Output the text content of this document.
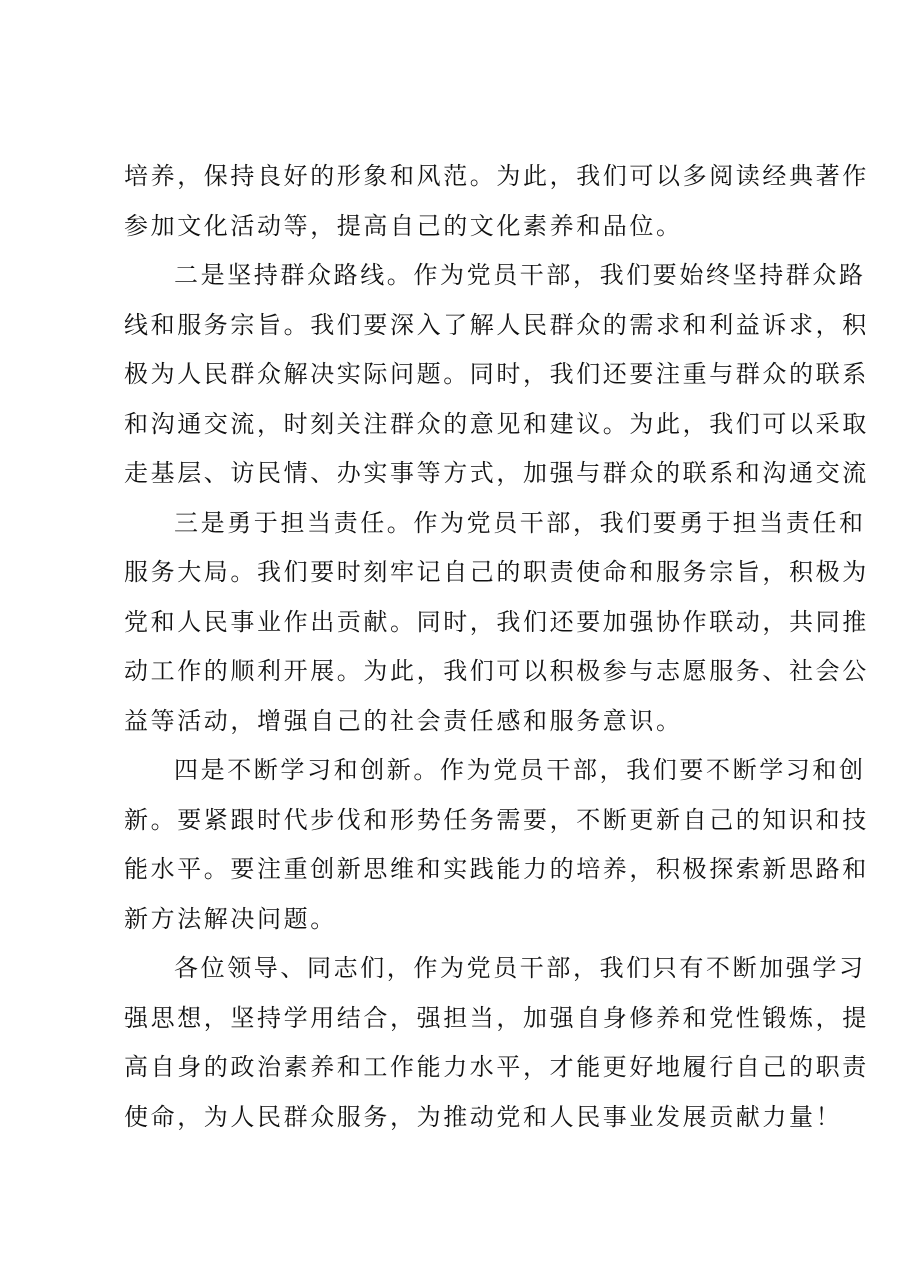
培养，保持良好的形象和风范。为此，我们可以多阅读经典著作
参加文化活动等，提高自己的文化素养和品位。
二是坚持群众路线。作为党员干部，我们要始终坚持群众路
线和服务宗旨。我们要深入了解人民群众的需求和利益诉求，积
极为人民群众解决实际问题。同时，我们还要注重与群众的联系
和沟通交流，时刻关注群众的意见和建议。为此，我们可以采取
走基层、访民情、办实事等方式，加强与群众的联系和沟通交流
三是勇于担当责任。作为党员干部，我们要勇于担当责任和
服务大局。我们要时刻牢记自己的职责使命和服务宗旨，积极为
党和人民事业作出贡献。同时，我们还要加强协作联动，共同推
动工作的顺利开展。为此，我们可以积极参与志愿服务、社会公
益等活动，增强自己的社会责任感和服务意识。
四是不断学习和创新。作为党员干部，我们要不断学习和创
新。要紧跟时代步伐和形势任务需要，不断更新自己的知识和技
能水平。要注重创新思维和实践能力的培养，积极探索新思路和
新方法解决问题。
各位领导、同志们，作为党员干部，我们只有不断加强学习
强思想，坚持学用结合，强担当，加强自身修养和党性锻炼，提
高自身的政治素养和工作能力水平，才能更好地履行自己的职责
使命，为人民群众服务，为推动党和人民事业发展贡献力量！
